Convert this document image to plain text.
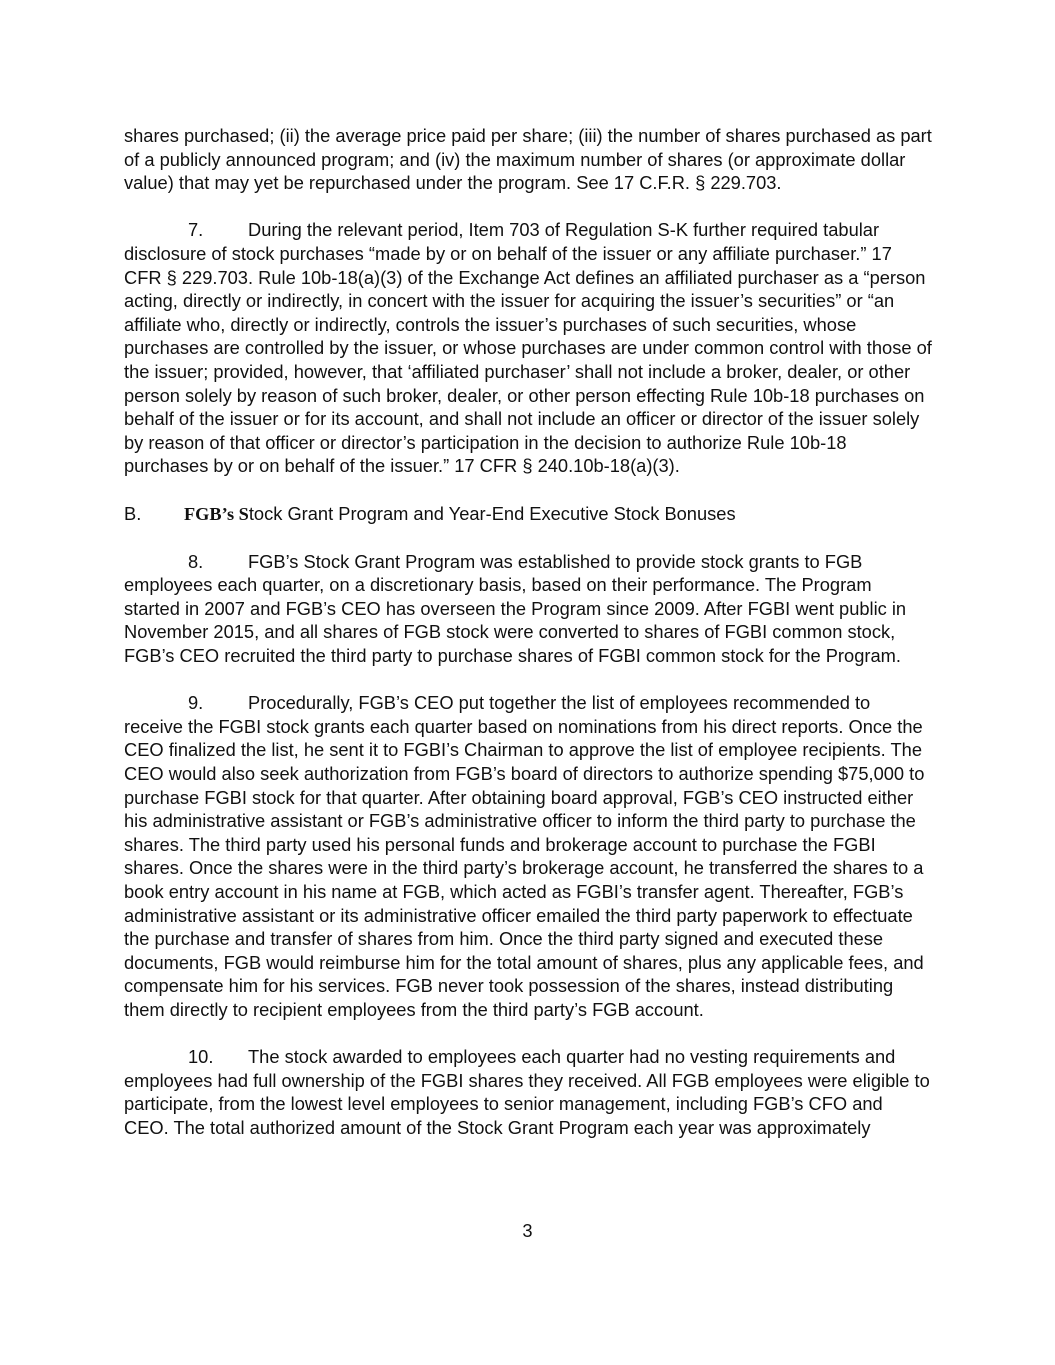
shares purchased; (ii) the average price paid per share; (iii) the number of shares purchased as part of a publicly announced program; and (iv) the maximum number of shares (or approximate dollar value) that may yet be repurchased under the program. See 17 C.F.R. § 229.703.

7. During the relevant period, Item 703 of Regulation S-K further required tabular disclosure of stock purchases “made by or on behalf of the issuer or any affiliate purchaser.” 17 CFR § 229.703. Rule 10b-18(a)(3) of the Exchange Act defines an affiliated purchaser as a “person acting, directly or indirectly, in concert with the issuer for acquiring the issuer’s securities” or “an affiliate who, directly or indirectly, controls the issuer’s purchases of such securities, whose purchases are controlled by the issuer, or whose purchases are under common control with those of the issuer; provided, however, that ‘affiliated purchaser’ shall not include a broker, dealer, or other person solely by reason of such broker, dealer, or other person effecting Rule 10b-18 purchases on behalf of the issuer or for its account, and shall not include an officer or director of the issuer solely by reason of that officer or director’s participation in the decision to authorize Rule 10b-18 purchases by or on behalf of the issuer.” 17 CFR § 240.10b-18(a)(3).

B. FGB’s Stock Grant Program and Year-End Executive Stock Bonuses

8. FGB’s Stock Grant Program was established to provide stock grants to FGB employees each quarter, on a discretionary basis, based on their performance. The Program started in 2007 and FGB’s CEO has overseen the Program since 2009. After FGBI went public in November 2015, and all shares of FGB stock were converted to shares of FGBI common stock, FGB’s CEO recruited the third party to purchase shares of FGBI common stock for the Program.

9. Procedurally, FGB’s CEO put together the list of employees recommended to receive the FGBI stock grants each quarter based on nominations from his direct reports. Once the CEO finalized the list, he sent it to FGBI’s Chairman to approve the list of employee recipients. The CEO would also seek authorization from FGB’s board of directors to authorize spending $75,000 to purchase FGBI stock for that quarter. After obtaining board approval, FGB’s CEO instructed either his administrative assistant or FGB’s administrative officer to inform the third party to purchase the shares. The third party used his personal funds and brokerage account to purchase the FGBI shares. Once the shares were in the third party’s brokerage account, he transferred the shares to a book entry account in his name at FGB, which acted as FGBI’s transfer agent. Thereafter, FGB’s administrative assistant or its administrative officer emailed the third party paperwork to effectuate the purchase and transfer of shares from him. Once the third party signed and executed these documents, FGB would reimburse him for the total amount of shares, plus any applicable fees, and compensate him for his services. FGB never took possession of the shares, instead distributing them directly to recipient employees from the third party’s FGB account.

10. The stock awarded to employees each quarter had no vesting requirements and employees had full ownership of the FGBI shares they received. All FGB employees were eligible to participate, from the lowest level employees to senior management, including FGB’s CFO and CEO. The total authorized amount of the Stock Grant Program each year was approximately

3
